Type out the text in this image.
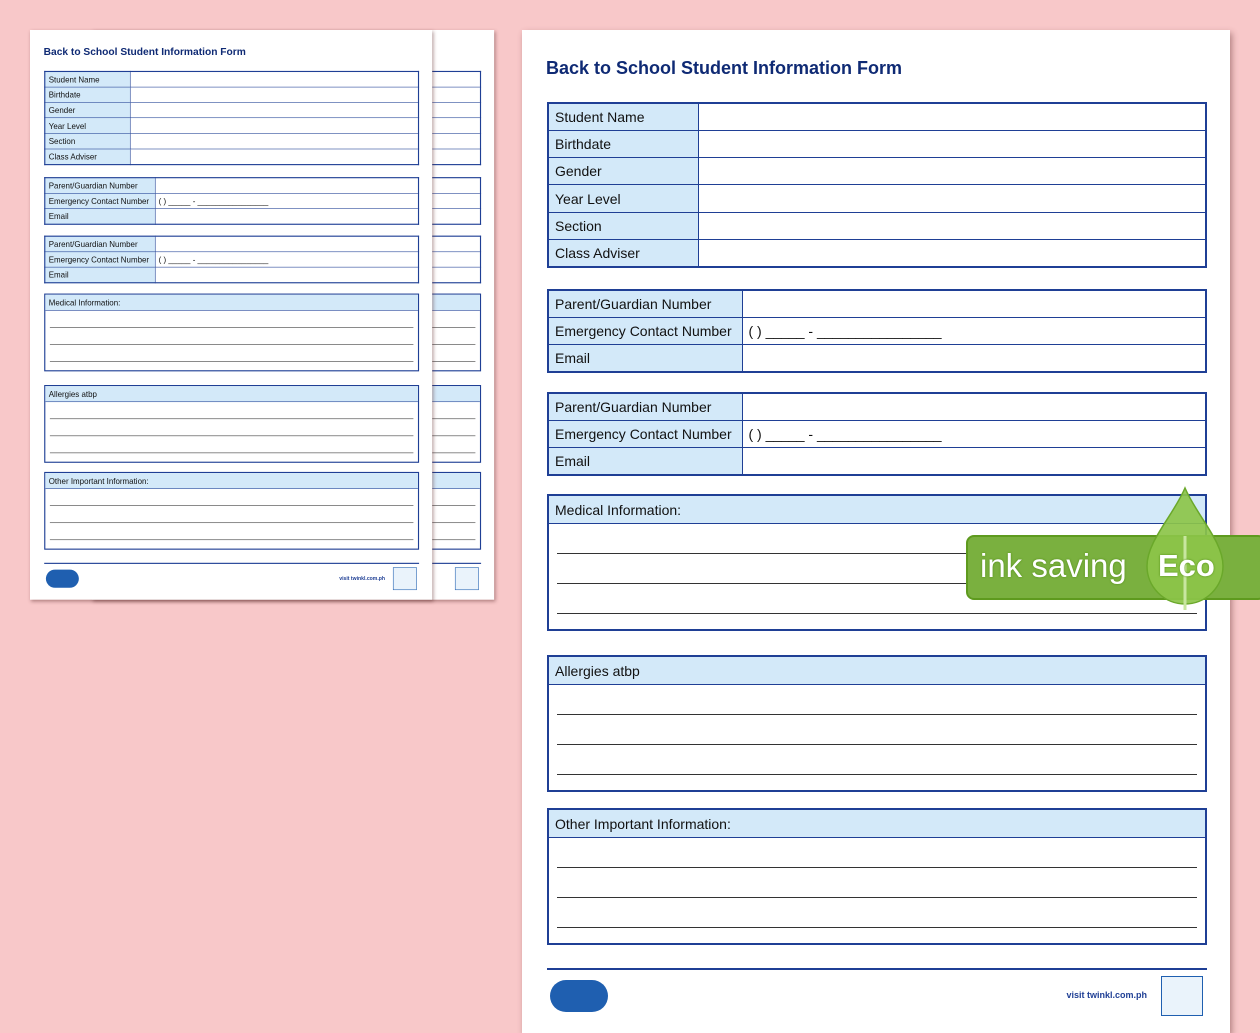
Back to School Student Information Form
Student Name	
Birthdate	
Gender	
Year Level	
Section	
Class Adviser	
Parent/Guardian Number	
Emergency Contact Number	( ) _____ - ________________
Email	
Parent/Guardian Number	
Emergency Contact Number	( ) _____ - ________________
Email	
Medical Information:
Allergies atbp
Other Important Information:
visit twinkl.com.ph
Back to School Student Information Form
Student Name	
Birthdate	
Gender	
Year Level	
Section	
Class Adviser	
Parent/Guardian Number	
Emergency Contact Number	( ) _____ - ________________
Email	
Parent/Guardian Number	
Emergency Contact Number	( ) _____ - ________________
Email	
Medical Information:
Allergies atbp
Other Important Information:
visit twinkl.com.ph
ink saving Eco
